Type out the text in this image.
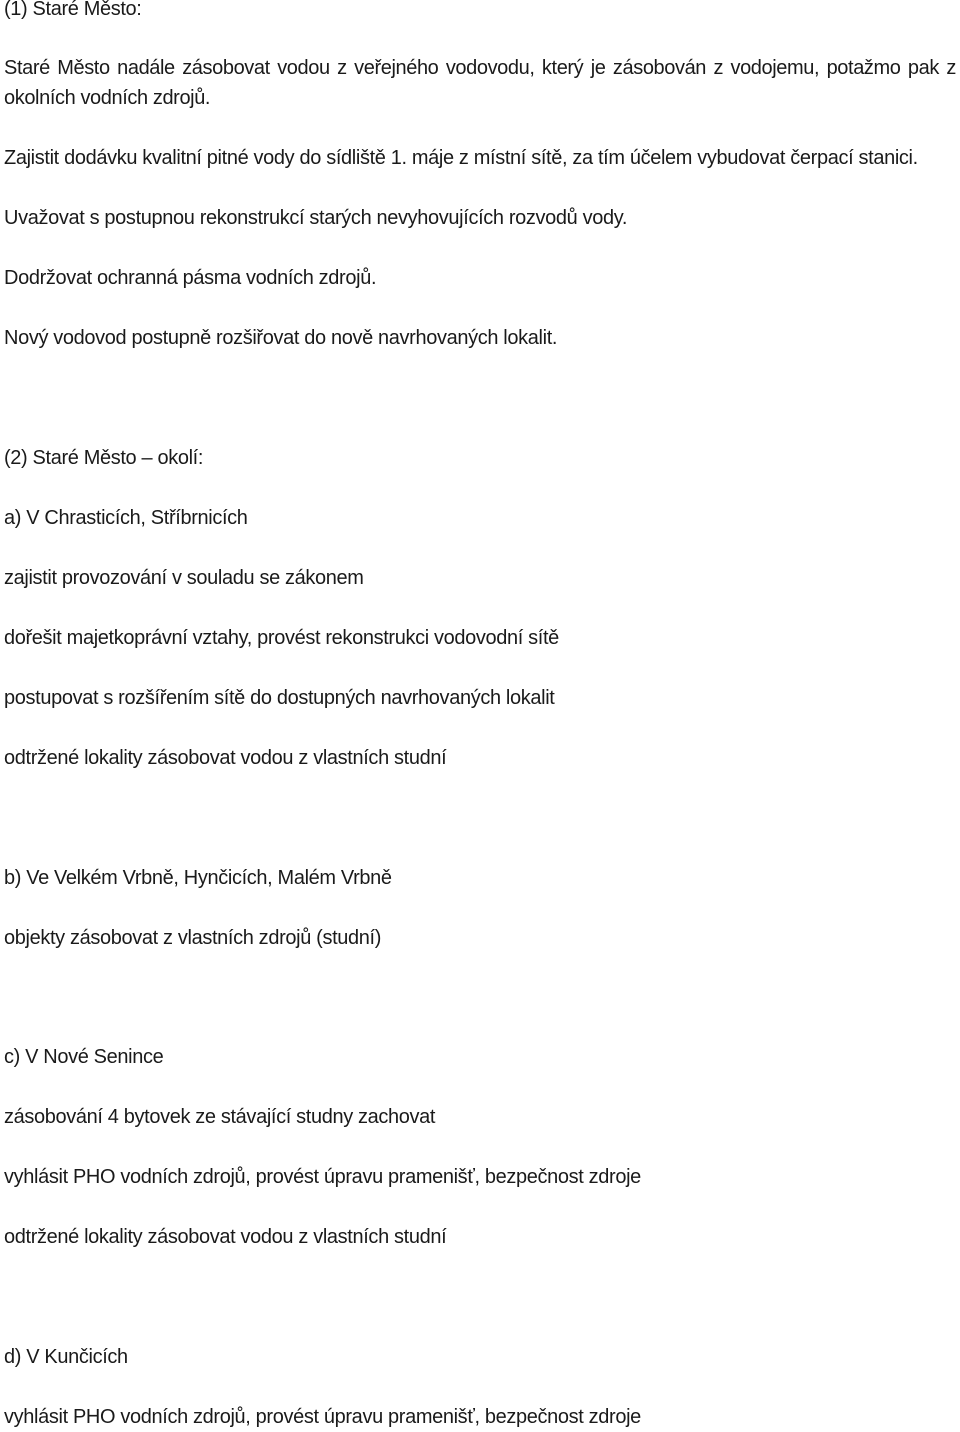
(1) Staré Město:
Staré Město nadále zásobovat vodou z veřejného vodovodu, který je zásobován z vodojemu, potažmo pak z okolních vodních zdrojů.
Zajistit dodávku kvalitní pitné vody do sídliště 1. máje z místní sítě, za tím účelem vybudovat čerpací stanici.
Uvažovat s postupnou rekonstrukcí starých nevyhovujících rozvodů vody.
Dodržovat ochranná pásma vodních zdrojů.
Nový vodovod postupně rozšiřovat do nově navrhovaných lokalit.
(2) Staré Město – okolí:
a) V Chrasticích, Stříbrnicích
zajistit provozování v souladu se zákonem
dořešit majetkoprávní vztahy, provést rekonstrukci vodovodní sítě
postupovat s rozšířením sítě do dostupných navrhovaných lokalit
odtržené lokality zásobovat vodou z vlastních studní
b) Ve Velkém Vrbně, Hynčicích, Malém Vrbně
objekty zásobovat z vlastních zdrojů (studní)
c) V Nové Senince
zásobování 4 bytovek ze stávající studny zachovat
vyhlásit PHO vodních zdrojů, provést úpravu pramenišť, bezpečnost zdroje
odtržené lokality zásobovat vodou z vlastních studní
d) V Kunčicích
vyhlásit PHO vodních zdrojů, provést úpravu pramenišť, bezpečnost zdroje
